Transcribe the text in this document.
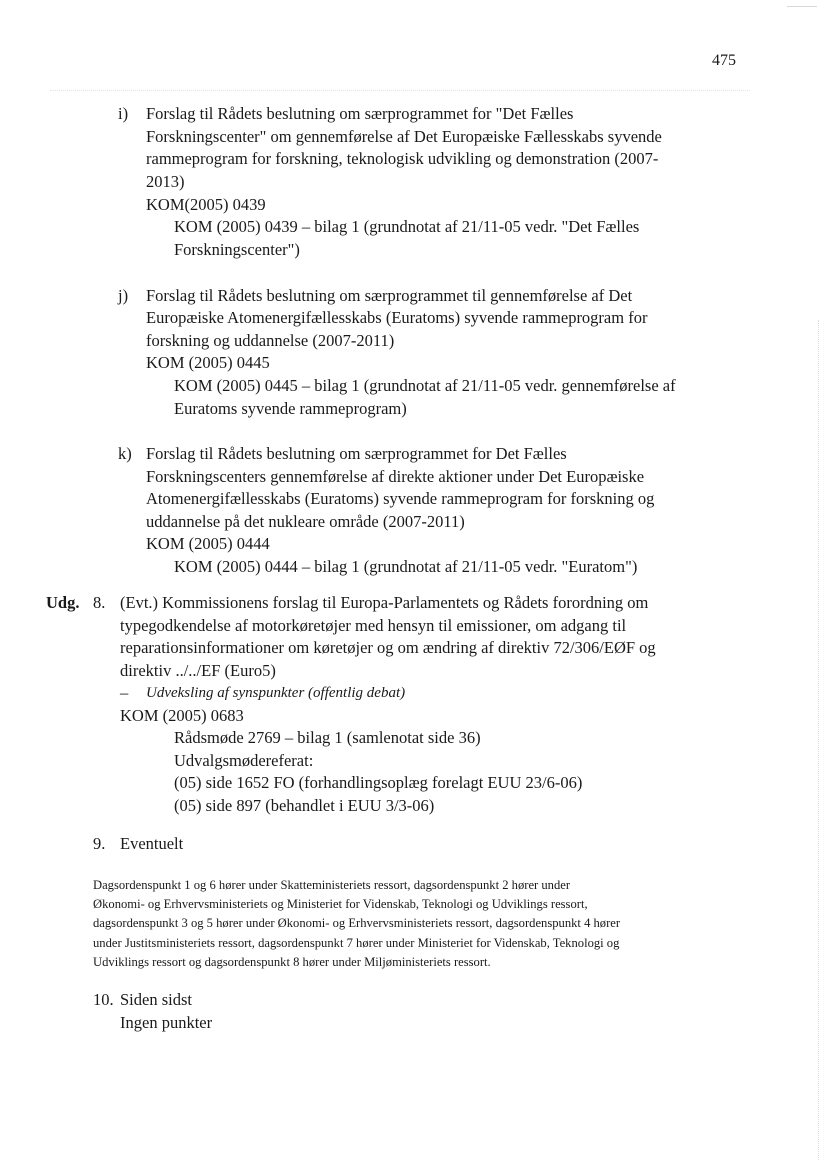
475
i) Forslag til Rådets beslutning om særprogrammet for "Det Fælles
Forskningscenter" om gennemførelse af Det Europæiske Fællesskabs syvende
rammeprogram for forskning, teknologisk udvikling og demonstration (2007-
2013)
KOM(2005) 0439
KOM (2005) 0439 – bilag 1 (grundnotat af 21/11-05 vedr. "Det Fælles
Forskningscenter")
j) Forslag til Rådets beslutning om særprogrammet til gennemførelse af Det
Europæiske Atomenergifællesskabs (Euratoms) syvende rammeprogram for
forskning og uddannelse (2007-2011)
KOM (2005) 0445
KOM (2005) 0445 – bilag 1 (grundnotat af 21/11-05 vedr. gennemførelse af
Euratoms syvende rammeprogram)
k) Forslag til Rådets beslutning om særprogrammet for Det Fælles
Forskningscenters gennemførelse af direkte aktioner under Det Europæiske
Atomenergifællesskabs (Euratoms) syvende rammeprogram for forskning og
uddannelse på det nukleare område (2007-2011)
KOM (2005) 0444
KOM (2005) 0444 – bilag 1 (grundnotat af 21/11-05 vedr. "Euratom")
Udg. 8. (Evt.) Kommissionens forslag til Europa-Parlamentets og Rådets forordning om
typegodkendelse af motorkøretøjer med hensyn til emissioner, om adgang til
reparationsinformationer om køretøjer og om ændring af direktiv 72/306/EØF og
direktiv ../../EF (Euro5)
– Udveksling af synspunkter (offentlig debat)
KOM (2005) 0683
Rådsmøde 2769 – bilag 1 (samlenotat side 36)
Udvalgsmødereferat:
(05) side 1652 FO (forhandlingsoplæg forelagt EUU 23/6-06)
(05) side 897 (behandlet i EUU 3/3-06)
9. Eventuelt
Dagsordenspunkt 1 og 6 hører under Skatteministeriets ressort, dagsordenspunkt 2 hører under
Økonomi- og Erhvervsministeriets og Ministeriet for Videnskab, Teknologi og Udviklings ressort,
dagsordenspunkt 3 og 5 hører under Økonomi- og Erhvervsministeriets ressort, dagsordenspunkt 4 hører
under Justitsministeriets ressort, dagsordenspunkt 7 hører under Ministeriet for Videnskab, Teknologi og
Udviklings ressort og dagsordenspunkt 8 hører under Miljøministeriets ressort.
10. Siden sidst
Ingen punkter
